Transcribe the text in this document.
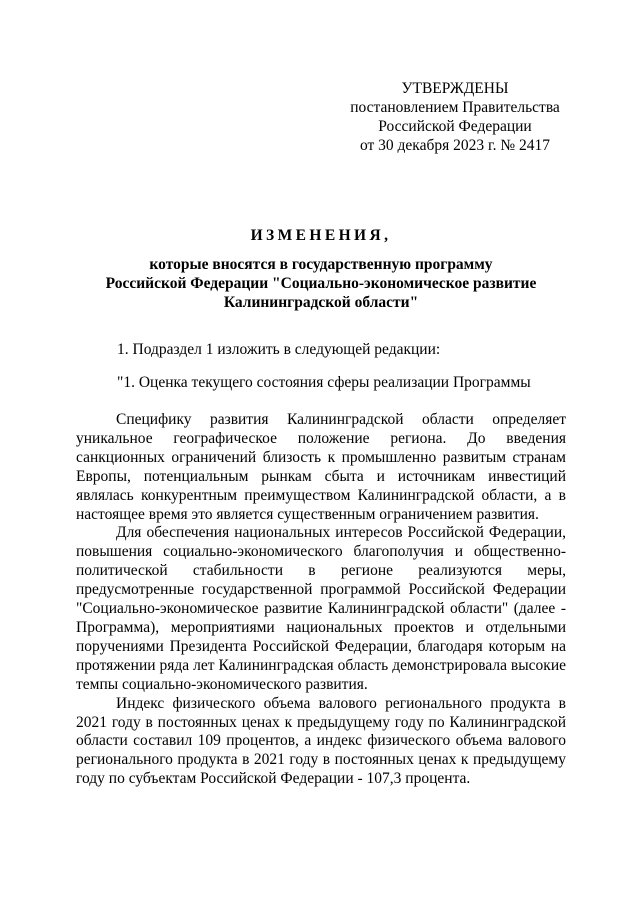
УТВЕРЖДЕНЫ
постановлением Правительства
Российской Федерации
от 30 декабря 2023 г. № 2417
ИЗМЕНЕНИЯ,
которые вносятся в государственную программу
Российской Федерации "Социально-экономическое развитие
Калининградской области"
1. Подраздел 1 изложить в следующей редакции:
"1. Оценка текущего состояния сферы реализации Программы

Специфику развития Калининградской области определяет уникальное географическое положение региона. До введения санкционных ограничений близость к промышленно развитым странам Европы, потенциальным рынкам сбыта и источникам инвестиций являлась конкурентным преимуществом Калининградской области, а в настоящее время это является существенным ограничением развития.

Для обеспечения национальных интересов Российской Федерации, повышения социально-экономического благополучия и общественно-политической стабильности в регионе реализуются меры, предусмотренные государственной программой Российской Федерации "Социально-экономическое развитие Калининградской области" (далее - Программа), мероприятиями национальных проектов и отдельными поручениями Президента Российской Федерации, благодаря которым на протяжении ряда лет Калининградская область демонстрировала высокие темпы социально-экономического развития.

Индекс физического объема валового регионального продукта в 2021 году в постоянных ценах к предыдущему году по Калининградской области составил 109 процентов, а индекс физического объема валового регионального продукта в 2021 году в постоянных ценах к предыдущему году по субъектам Российской Федерации - 107,3 процента.
